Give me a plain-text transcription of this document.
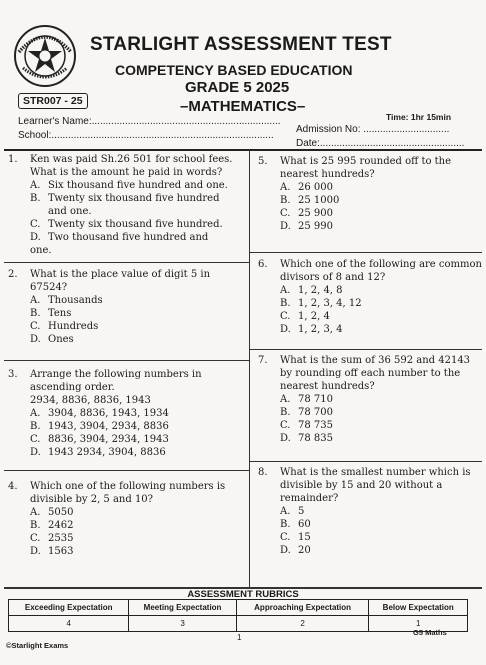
STARLIGHT ASSESSMENT TEST
COMPETENCY BASED EDUCATION
GRADE 5 2025
STR007 - 25	–MATHEMATICS–
Time: 1hr 15min
Learner's Name:....................................................................
Admission No: ...............................
School:................................................................................
Date:....................................................
1. Ken was paid Sh.26 501 for school fees.
What is the amount he paid in words?
A. Six thousand five hundred and one.
B. Twenty six thousand five hundred
and one.
C. Twenty six thousand five hundred.
D. Two thousand five hundred and one.
2. What is the place value of digit 5 in
67524?
A. Thousands
B. Tens
C. Hundreds
D. Ones
3. Arrange the following numbers in
ascending order.
2934, 8836, 8836, 1943
A. 3904, 8836, 1943, 1934
B. 1943, 3904, 2934, 8836
C. 8836, 3904, 2934, 1943
D. 1943 2934, 3904, 8836
4. Which one of the following numbers is
divisible by 2, 5 and 10?
A. 5050
B. 2462
C. 2535
D. 1563
5. What is 25 995 rounded off to the
nearest hundreds?
A. 26 000
B. 25 1000
C. 25 900
D. 25 990
6. Which one of the following are common
divisors of 8 and 12?
A. 1, 2, 4, 8
B. 1, 2, 3, 4, 12
C. 1, 2, 4
D. 1, 2, 3, 4
7. What is the sum of 36 592 and 42143
by rounding off each number to the
nearest hundreds?
A. 78 710
B. 78 700
C. 78 735
D. 78 835
8. What is the smallest number which is
divisible by 15 and 20 without a
remainder?
A. 5
B. 60
C. 15
D. 20
ASSESSMENT RUBRICS
Exceeding Expectation	Meeting Expectation	Approaching Expectation	Below Expectation
4	3	2	1
©Starlight Exams
1
G5 Maths
